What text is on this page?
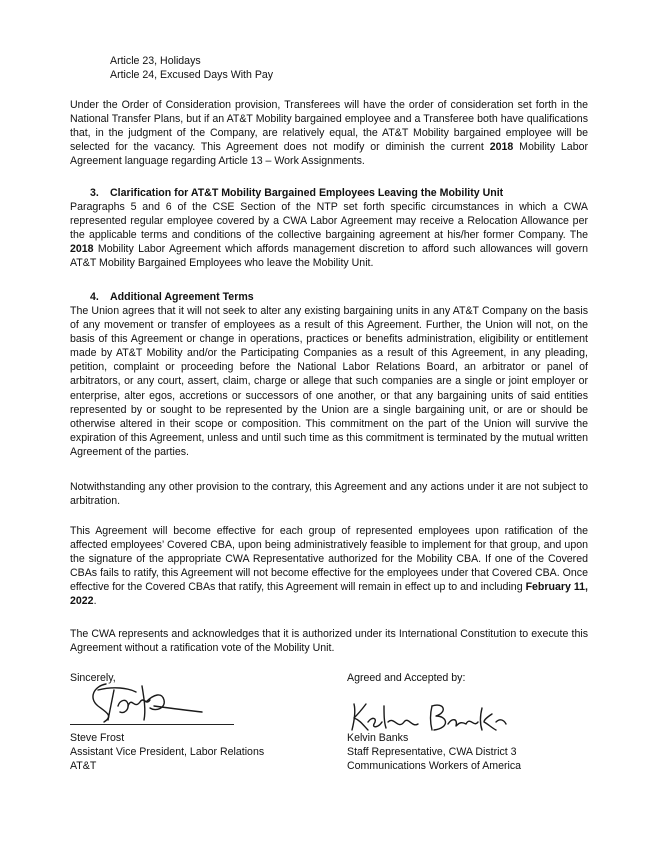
Article 23, Holidays
Article 24, Excused Days With Pay

Under the Order of Consideration provision, Transferees will have the order of consideration set forth in the National Transfer Plans, but if an AT&T Mobility bargained employee and a Transferee both have qualifications that, in the judgment of the Company, are relatively equal, the AT&T Mobility bargained employee will be selected for the vacancy. This Agreement does not modify or diminish the current 2018 Mobility Labor Agreement language regarding Article 13 – Work Assignments.

3. Clarification for AT&T Mobility Bargained Employees Leaving the Mobility Unit

Paragraphs 5 and 6 of the CSE Section of the NTP set forth specific circumstances in which a CWA represented regular employee covered by a CWA Labor Agreement may receive a Relocation Allowance per the applicable terms and conditions of the collective bargaining agreement at his/her former Company. The 2018 Mobility Labor Agreement which affords management discretion to afford such allowances will govern AT&T Mobility Bargained Employees who leave the Mobility Unit.

4. Additional Agreement Terms

The Union agrees that it will not seek to alter any existing bargaining units in any AT&T Company on the basis of any movement or transfer of employees as a result of this Agreement. Further, the Union will not, on the basis of this Agreement or change in operations, practices or benefits administration, eligibility or entitlement made by AT&T Mobility and/or the Participating Companies as a result of this Agreement, in any pleading, petition, complaint or proceeding before the National Labor Relations Board, an arbitrator or panel of arbitrators, or any court, assert, claim, charge or allege that such companies are a single or joint employer or enterprise, alter egos, accretions or successors of one another, or that any bargaining units of said entities represented by or sought to be represented by the Union are a single bargaining unit, or are or should be otherwise altered in their scope or composition. This commitment on the part of the Union will survive the expiration of this Agreement, unless and until such time as this commitment is terminated by the mutual written Agreement of the parties.

Notwithstanding any other provision to the contrary, this Agreement and any actions under it are not subject to arbitration.

This Agreement will become effective for each group of represented employees upon ratification of the affected employees’ Covered CBA, upon being administratively feasible to implement for that group, and upon the signature of the appropriate CWA Representative authorized for the Mobility CBA. If one of the Covered CBAs fails to ratify, this Agreement will not become effective for the employees under that Covered CBA. Once effective for the Covered CBAs that ratify, this Agreement will remain in effect up to and including February 11, 2022.

The CWA represents and acknowledges that it is authorized under its International Constitution to execute this Agreement without a ratification vote of the Mobility Unit.

Sincerely,
Steve Frost
Assistant Vice President, Labor Relations
AT&T
Agreed and Accepted by:
Kelvin Banks
Staff Representative, CWA District 3
Communications Workers of America
